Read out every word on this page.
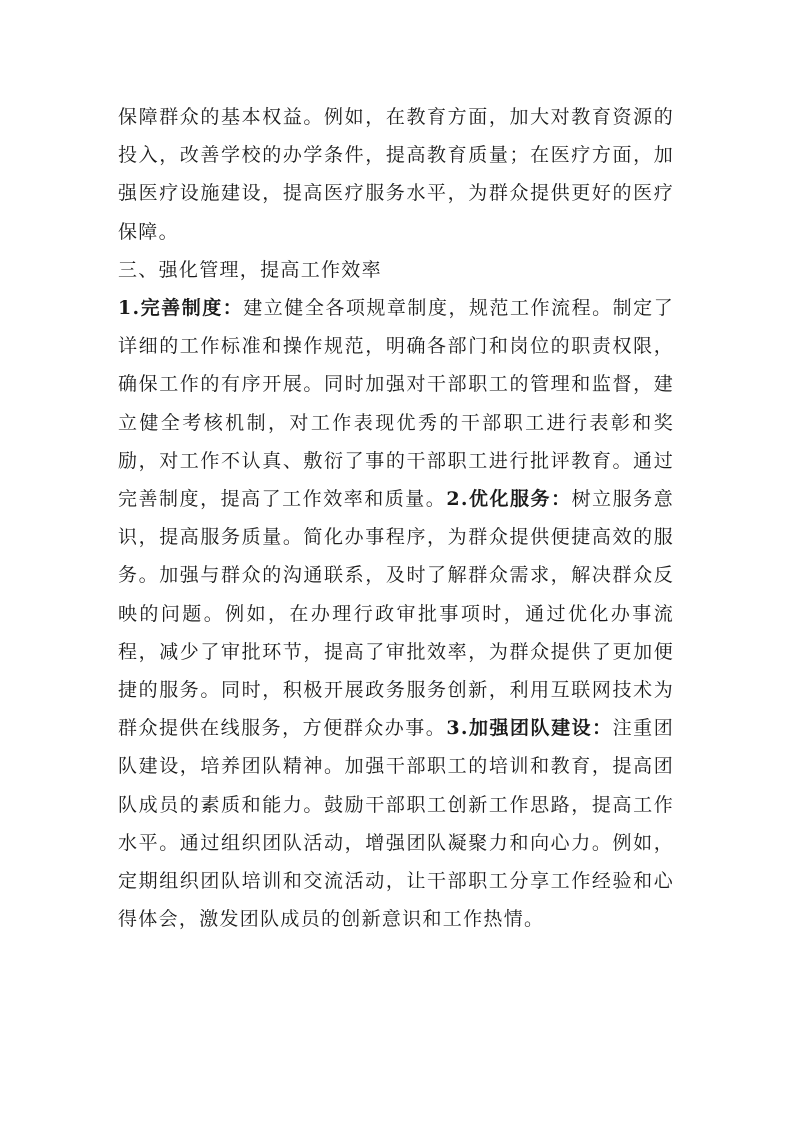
保障群众的基本权益。例如，在教育方面，加大对教育资源的投入，改善学校的办学条件，提高教育质量；在医疗方面，加强医疗设施建设，提高医疗服务水平，为群众提供更好的医疗保障。

三、强化管理，提高工作效率

1.完善制度：建立健全各项规章制度，规范工作流程。制定了详细的工作标准和操作规范，明确各部门和岗位的职责权限，确保工作的有序开展。同时加强对干部职工的管理和监督，建立健全考核机制，对工作表现优秀的干部职工进行表彰和奖励，对工作不认真、敷衍了事的干部职工进行批评教育。通过完善制度，提高了工作效率和质量。2.优化服务：树立服务意识，提高服务质量。简化办事程序，为群众提供便捷高效的服务。加强与群众的沟通联系，及时了解群众需求，解决群众反映的问题。例如，在办理行政审批事项时，通过优化办事流程，减少了审批环节，提高了审批效率，为群众提供了更加便捷的服务。同时，积极开展政务服务创新，利用互联网技术为群众提供在线服务，方便群众办事。3.加强团队建设：注重团队建设，培养团队精神。加强干部职工的培训和教育，提高团队成员的素质和能力。鼓励干部职工创新工作思路，提高工作水平。通过组织团队活动，增强团队凝聚力和向心力。例如，定期组织团队培训和交流活动，让干部职工分享工作经验和心得体会，激发团队成员的创新意识和工作热情。
